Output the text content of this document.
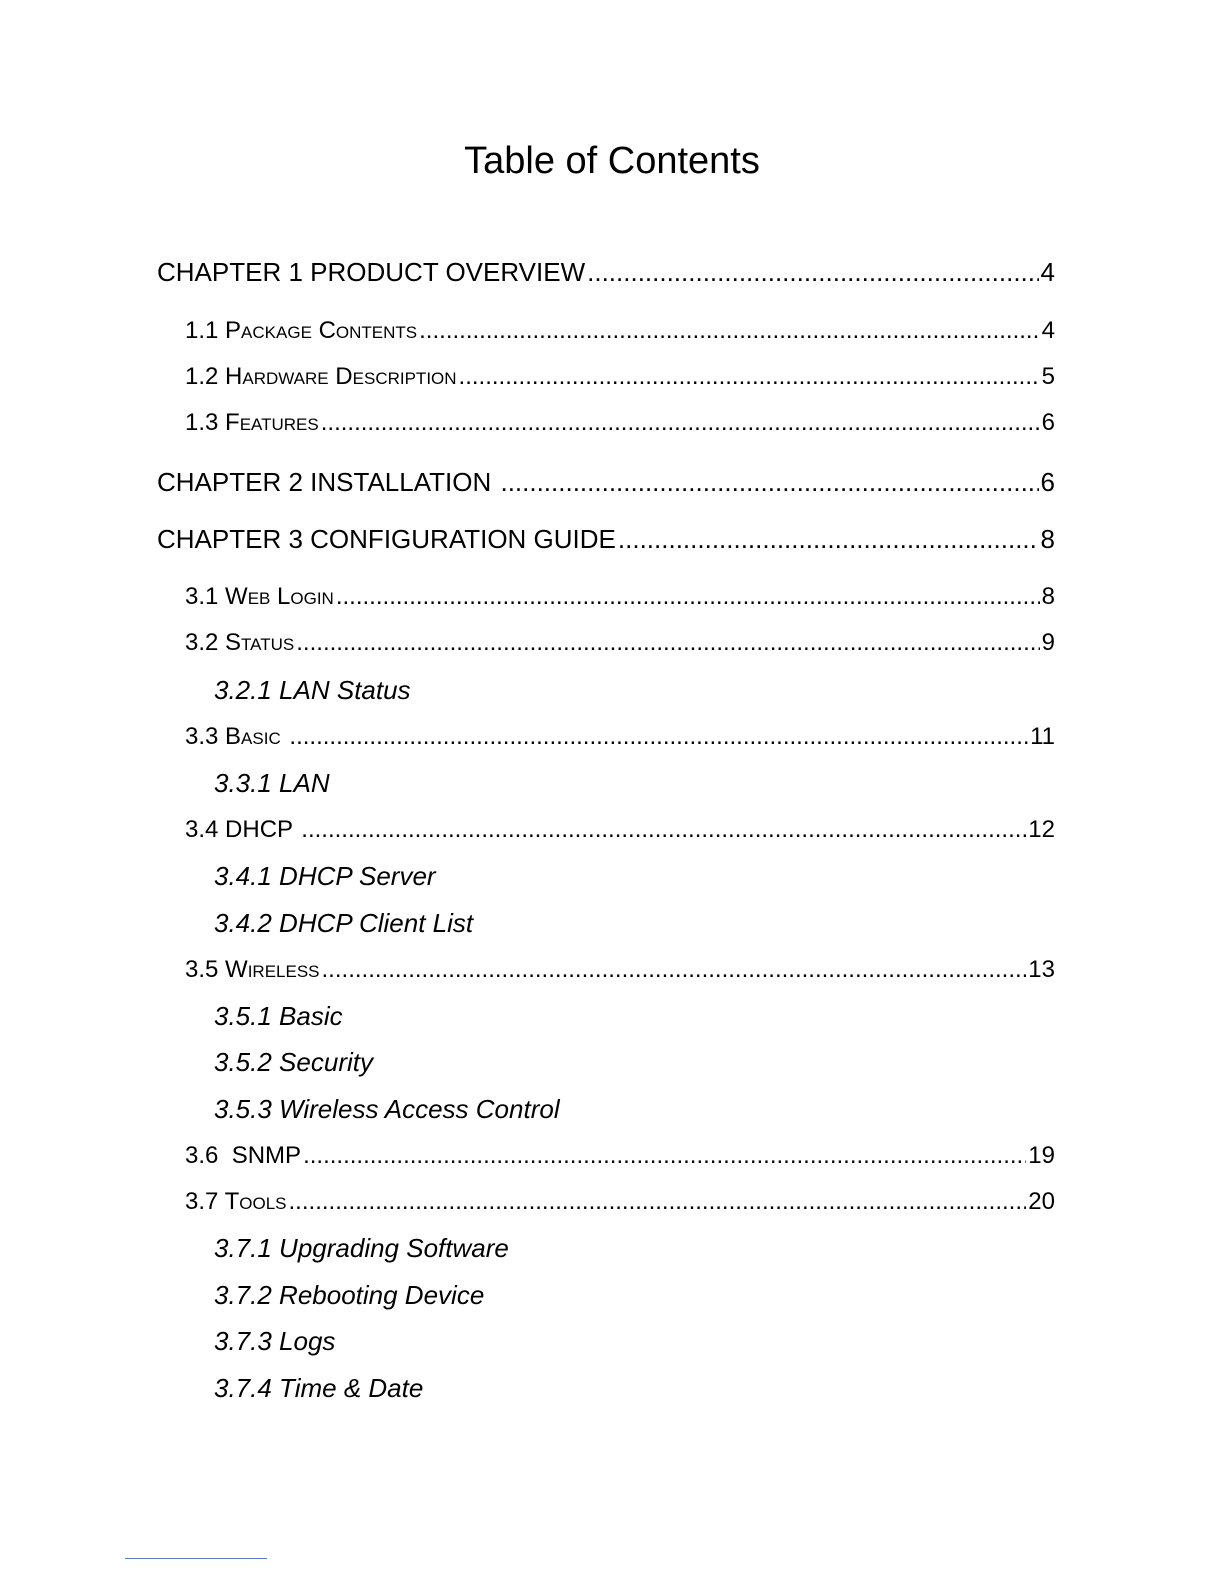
Table of Contents
CHAPTER 1 PRODUCT OVERVIEW .....	4
1.1 Package Contents .....	4
1.2 Hardware Description .....	5
1.3 Features .....	6
CHAPTER 2 INSTALLATION .....	6
CHAPTER 3 CONFIGURATION GUIDE .....	8
3.1 Web Login .....	8
3.2 Status .....	9
3.2.1 LAN Status
3.3 Basic .....	11
3.3.1 LAN
3.4 DHCP .....	12
3.4.1 DHCP Server
3.4.2 DHCP Client List
3.5 Wireless .....	13
3.5.1 Basic
3.5.2 Security
3.5.3 Wireless Access Control
3.6 SNMP .....	19
3.7 Tools .....	20
3.7.1 Upgrading Software
3.7.2 Rebooting Device
3.7.3 Logs
3.7.4 Time & Date
